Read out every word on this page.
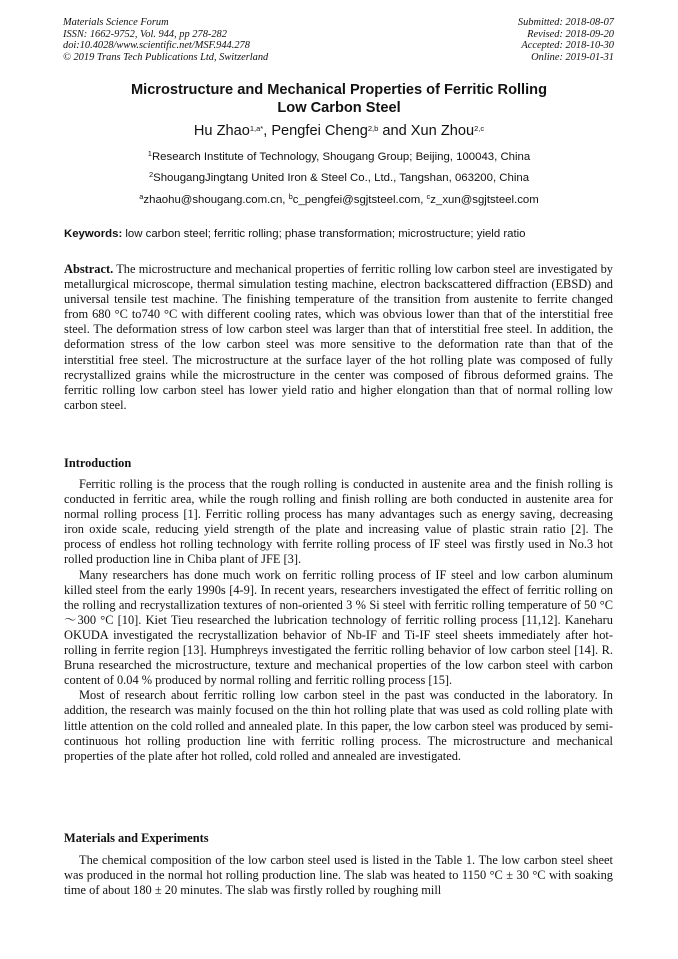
Materials Science Forum
ISSN: 1662-9752, Vol. 944, pp 278-282
doi:10.4028/www.scientific.net/MSF.944.278
© 2019 Trans Tech Publications Ltd, Switzerland
Submitted: 2018-08-07
Revised: 2018-09-20
Accepted: 2018-10-30
Online: 2019-01-31
Microstructure and Mechanical Properties of Ferritic Rolling
Low Carbon Steel
Hu Zhao$^{1,a*}$, Pengfei Cheng$^{2,b}$ and Xun Zhou$^{2,c}$
$^1$Research Institute of Technology, Shougang Group; Beijing, 100043, China
$^2$ShougangJingtang United Iron & Steel Co., Ltd., Tangshan, 063200, China
$^a$zhaohu@shougang.com.cn, $^b$c_pengfei@sgjtsteel.com, $^c$z_xun@sgjtsteel.com
Keywords: low carbon steel; ferritic rolling; phase transformation; microstructure; yield ratio
Abstract. The microstructure and mechanical properties of ferritic rolling low carbon steel are investigated by metallurgical microscope, thermal simulation testing machine, electron backscattered diffraction (EBSD) and universal tensile test machine. The finishing temperature of the transition from austenite to ferrite changed from 680 °C to740 °C with different cooling rates, which was obvious lower than that of the interstitial free steel. The deformation stress of low carbon steel was larger than that of interstitial free steel. In addition, the deformation stress of the low carbon steel was more sensitive to the deformation rate than that of the interstitial free steel. The microstructure at the surface layer of the hot rolling plate was composed of fully recrystallized grains while the microstructure in the center was composed of fibrous deformed grains. The ferritic rolling low carbon steel has lower yield ratio and higher elongation than that of normal rolling low carbon steel.
Introduction

Ferritic rolling is the process that the rough rolling is conducted in austenite area and the finish rolling is conducted in ferritic area, while the rough rolling and finish rolling are both conducted in austenite area for normal rolling process [1]. Ferritic rolling process has many advantages such as energy saving, decreasing iron oxide scale, reducing yield strength of the plate and increasing value of plastic strain ratio [2]. The process of endless hot rolling technology with ferrite rolling process of IF steel was firstly used in No.3 hot rolled production line in Chiba plant of JFE [3].

Many researchers has done much work on ferritic rolling process of IF steel and low carbon aluminum killed steel from the early 1990s [4-9]. In recent years, researchers investigated the effect of ferritic rolling on the rolling and recrystallization textures of non-oriented 3 % Si steel with ferritic rolling temperature of 50 °C～300 °C [10]. Kiet Tieu researched the lubrication technology of ferritic rolling process [11,12]. Kaneharu OKUDA investigated the recrystallization behavior of Nb-IF and Ti-IF steel sheets immediately after hot-rolling in ferrite region [13]. Humphreys investigated the ferritic rolling behavior of low carbon steel [14]. R. Bruna researched the microstructure, texture and mechanical properties of the low carbon steel with carbon content of 0.04 % produced by normal rolling and ferritic rolling process [15].

Most of research about ferritic rolling low carbon steel in the past was conducted in the laboratory. In addition, the research was mainly focused on the thin hot rolling plate that was used as cold rolling plate with little attention on the cold rolled and annealed plate. In this paper, the low carbon steel was produced by semi-continuous hot rolling production line with ferritic rolling process. The microstructure and mechanical properties of the plate after hot rolled, cold rolled and annealed are investigated.

Materials and Experiments

The chemical composition of the low carbon steel used is listed in the Table 1. The low carbon steel sheet was produced in the normal hot rolling production line. The slab was heated to 1150 °C ± 30 °C with soaking time of about 180 ± 20 minutes. The slab was firstly rolled by roughing mill
